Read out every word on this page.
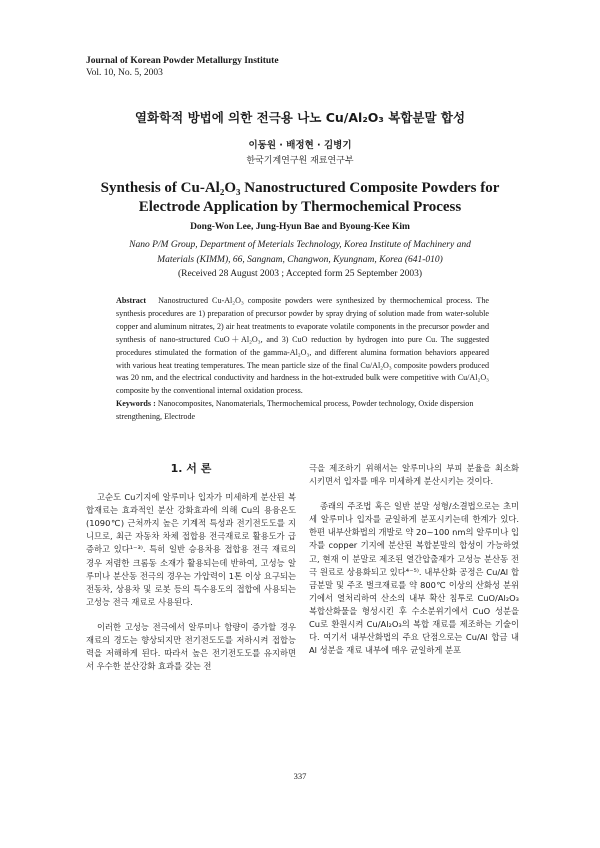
Journal of Korean Powder Metallurgy Institute
Vol. 10, No. 5, 2003
열화학적 방법에 의한 전극용 나노 Cu/Al₂O₃ 복합분말 합성
이동원 · 배정현 · 김병기
한국기계연구원 재료연구부
Synthesis of Cu-Al₂O₃ Nanostructured Composite Powders for
Electrode Application by Thermochemical Process
Dong-Won Lee, Jung-Hyun Bae and Byoung-Kee Kim
Nano P/M Group, Department of Meterials Technology, Korea Institute of Machinery and
Materials (KIMM), 66, Sangnam, Changwon, Kyungnam, Korea (641-010)
(Received 28 August 2003 ; Accepted form 25 September 2003)
Abstract Nanostructured Cu-Al₂O₃ composite powders were synthesized by thermochemical process. The synthesis procedures are 1) preparation of precursor powder by spray drying of solution made from water-soluble copper and aluminum nitrates, 2) air heat treatments to evaporate volatile components in the precursor powder and synthesis of nano-structured CuO＋Al₂O₃, and 3) CuO reduction by hydrogen into pure Cu. The suggested procedures stimulated the formation of the gamma-Al₂O₃, and different alumina formation behaviors appeared with various heat treating temperatures. The mean particle size of the final Cu/Al₂O₃ composite powders produced was 20 nm, and the electrical conductivity and hardness in the hot-extruded bulk were competitive with Cu/Al₂O₃ composite by the conventional internal oxidation process.
Keywords : Nanocomposites, Nanomaterials, Thermochemical process, Powder technology, Oxide dispersion strengthening, Electrode
1. 서 론

고순도 Cu기지에 알루미나 입자가 미세하게 분산된 복합재료는 효과적인 분산 강화효과에 의해 Cu의 용융온도 (1090℃) 근처까지 높은 기계적 특성과 전기전도도를 지니므로, 최근 자동차 차체 접합용 전극재료로 활용도가 급증하고 있다¹⁻³⁾. 특히 일반 승용차용 접합용 전극 재료의 경우 저렴한 크롬동 소재가 활용되는데 반하여, 고성능 알루미나 분산동 전극의 경우는 가압력이 1톤 이상 요구되는 전동차, 상용차 및 로봇 등의 특수용도의 접합에 사용되는 고성능 전극 재료로 사용된다.

이러한 고성능 전극에서 알루미나 함량이 증가할 경우 재료의 경도는 향상되지만 전기전도도를 저하시켜 접합능력을 저해하게 된다. 따라서 높은 전기전도도를 유지하면서 우수한 분산강화 효과를 갖는 전

극을 제조하기 위해서는 알루미나의 부피 분율을 최소화 시키면서 입자를 매우 미세하게 분산시키는 것이다.

종래의 주조법 혹은 일반 분말 성형/소결법으로는 초미세 알루미나 입자를 균일하게 분포시키는데 한계가 있다. 한편 내부산화법의 개발로 약 20~100 nm의 알루미나 입자를 copper 기지에 분산된 복합분말의 합성이 가능하였고, 현재 이 분말로 제조된 열간압출재가 고성능 분산동 전극 원료로 상용화되고 있다⁴⁻⁵⁾. 내부산화 공정은 Cu/Al 합금분말 및 주조 벌크재료를 약 800℃ 이상의 산화성 분위기에서 열처리하여 산소의 내부 확산 침투로 CuO/Al₂O₃ 복합산화물을 형성시킨 후 수소분위기에서 CuO 성분을 Cu로 환원시켜 Cu/Al₂O₃의 복합 재료를 제조하는 기술이다. 여기서 내부산화법의 주요 단점으로는 Cu/Al 합금 내 Al 성분을 재료 내부에 매우 균일하게 분포

337
